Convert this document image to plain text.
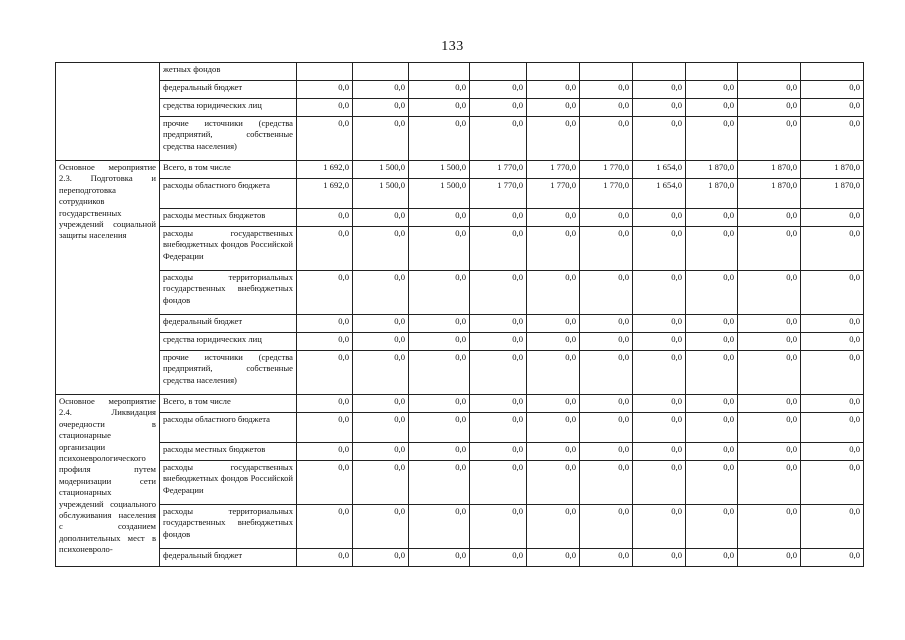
133
	жетных фондов										
	федеральный бюджет	0,0	0,0	0,0	0,0	0,0	0,0	0,0	0,0	0,0	0,0
	средства юридических лиц	0,0	0,0	0,0	0,0	0,0	0,0	0,0	0,0	0,0	0,0
	прочие источники (средства предприятий, собственные средства населения)	0,0	0,0	0,0	0,0	0,0	0,0	0,0	0,0	0,0	0,0
Основное мероприятие 2.3. Подготовка и переподготовка сотрудников государственных учреждений социальной защиты населения	Всего, в том числе	1 692,0	1 500,0	1 500,0	1 770,0	1 770,0	1 770,0	1 654,0	1 870,0	1 870,0	1 870,0
	расходы областного бюджета	1 692,0	1 500,0	1 500,0	1 770,0	1 770,0	1 770,0	1 654,0	1 870,0	1 870,0	1 870,0
	расходы местных бюджетов	0,0	0,0	0,0	0,0	0,0	0,0	0,0	0,0	0,0	0,0
	расходы государственных внебюджетных фондов Российской Федерации	0,0	0,0	0,0	0,0	0,0	0,0	0,0	0,0	0,0	0,0
	расходы территориальных государственных внебюджетных фондов	0,0	0,0	0,0	0,0	0,0	0,0	0,0	0,0	0,0	0,0
	федеральный бюджет	0,0	0,0	0,0	0,0	0,0	0,0	0,0	0,0	0,0	0,0
	средства юридических лиц	0,0	0,0	0,0	0,0	0,0	0,0	0,0	0,0	0,0	0,0
	прочие источники (средства предприятий, собственные средства населения)	0,0	0,0	0,0	0,0	0,0	0,0	0,0	0,0	0,0	0,0
Основное мероприятие 2.4. Ликвидация очередности в стационарные организации психоневрологического профиля путем модернизации сети стационарных учреждений социального обслуживания населения с созданием дополнительных мест в психоневроло-	Всего, в том числе	0,0	0,0	0,0	0,0	0,0	0,0	0,0	0,0	0,0	0,0
	расходы областного бюджета	0,0	0,0	0,0	0,0	0,0	0,0	0,0	0,0	0,0	0,0
	расходы местных бюджетов	0,0	0,0	0,0	0,0	0,0	0,0	0,0	0,0	0,0	0,0
	расходы государственных внебюджетных фондов Российской Федерации	0,0	0,0	0,0	0,0	0,0	0,0	0,0	0,0	0,0	0,0
	расходы территориальных государственных внебюджетных фондов	0,0	0,0	0,0	0,0	0,0	0,0	0,0	0,0	0,0	0,0
	федеральный бюджет	0,0	0,0	0,0	0,0	0,0	0,0	0,0	0,0	0,0	0,0
